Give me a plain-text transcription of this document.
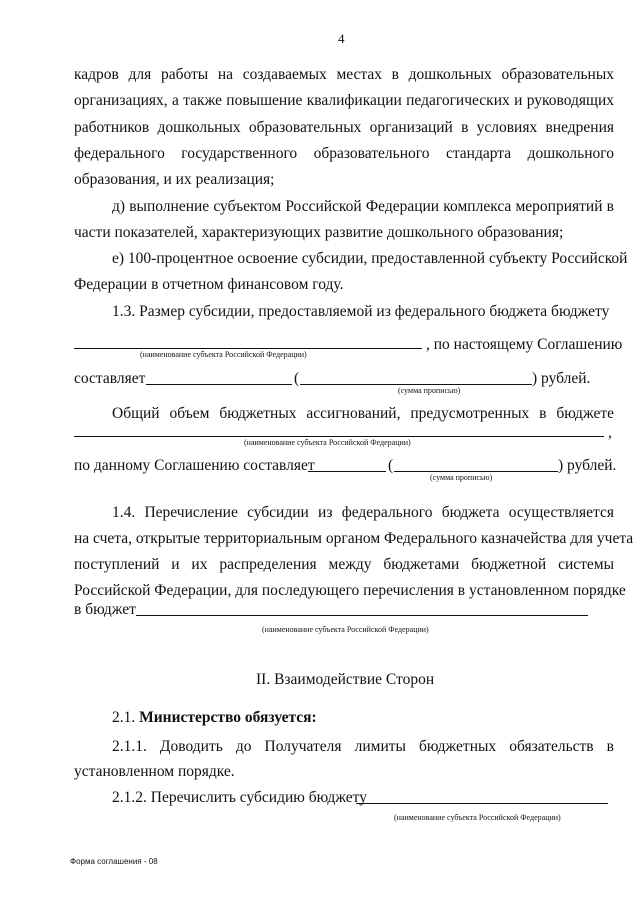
4
кадров для работы на создаваемых местах в дошкольных образовательных
организациях, а также повышение квалификации педагогических и руководящих
работников дошкольных образовательных организаций в условиях внедрения
федерального государственного образовательного стандарта дошкольного
образования, и их реализация;
д) выполнение субъектом Российской Федерации комплекса мероприятий в
части показателей, характеризующих развитие дошкольного образования;
е) 100-процентное освоение субсидии, предоставленной субъекту Российской
Федерации в отчетном финансовом году.
1.3. Размер субсидии, предоставляемой из федерального бюджета бюджету
, по настоящему Соглашению
(наименование субъекта Российской Федерации)
составляет	(	) рублей.
(сумма прописью)
Общий объем бюджетных ассигнований, предусмотренных в бюджете
,
(наименование субъекта Российской Федерации)
по данному Соглашению составляет	(	) рублей.
(сумма прописью)
1.4. Перечисление субсидии из федерального бюджета осуществляется
на счета, открытые территориальным органом Федерального казначейства для учета
поступлений и их распределения между бюджетами бюджетной системы
Российской Федерации, для последующего перечисления в установленном порядке
в бюджет
(наименование субъекта Российской Федерации)
II. Взаимодействие Сторон
2.1. Министерство обязуется:
2.1.1. Доводить до Получателя лимиты бюджетных обязательств в
установленном порядке.
2.1.2. Перечислить субсидию бюджету
(наименование субъекта Российской Федерации)
Форма соглашения - 08
